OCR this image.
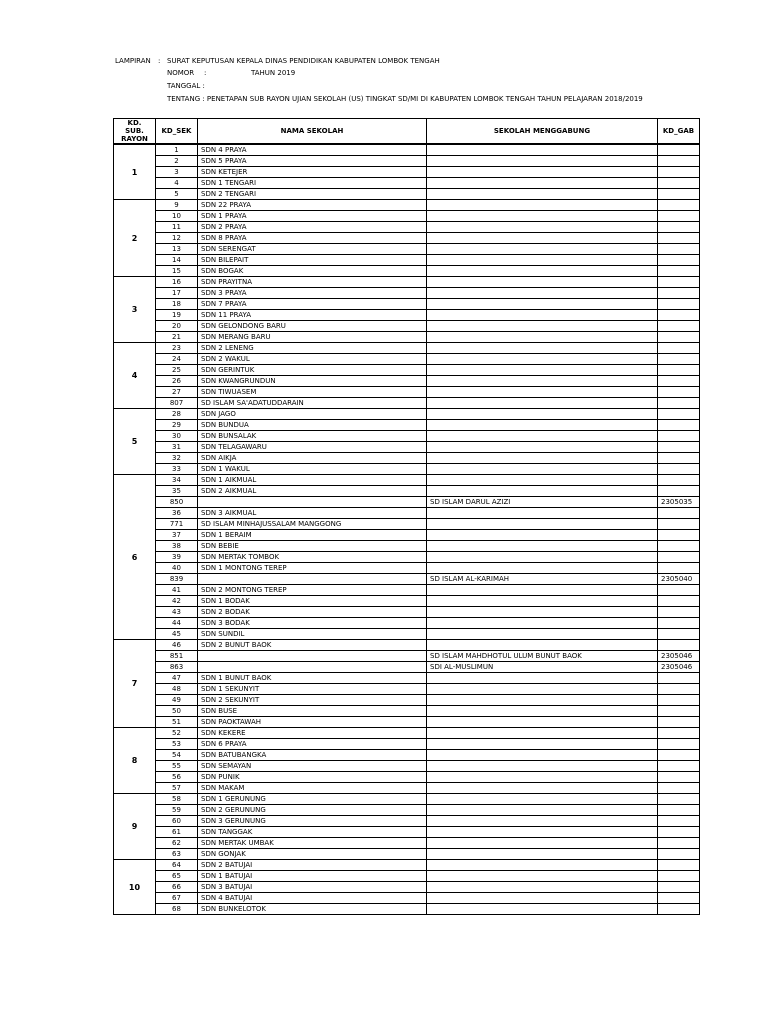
LAMPIRAN

:

SURAT KEPUTUSAN KEPALA DINAS PENDIDIKAN KABUPATEN LOMBOK TENGAH

NOMOR

:

	TAHUN 2019

TANGGAL :

TENTANG : PENETAPAN SUB RAYON UJIAN SEKOLAH (US) TINGKAT SD/MI DI KABUPATEN LOMBOK TENGAH TAHUN PELAJARAN 2018/2019

KD. SUB. RAYON	KD_SEK	NAMA SEKOLAH	SEKOLAH MENGGABUNG	KD_GAB
1	1	SDN 4 PRAYA		
	2	SDN 5 PRAYA		
	3	SDN KETEJER		
	4	SDN 1 TENGARI		
	5	SDN 2 TENGARI		
2	9	SDN 22 PRAYA		
	10	SDN 1 PRAYA		
	11	SDN 2 PRAYA		
	12	SDN 8 PRAYA		
	13	SDN SERENGAT		
	14	SDN BILEPAIT		
	15	SDN BOGAK		
3	16	SDN PRAYITNA		
	17	SDN 3 PRAYA		
	18	SDN 7 PRAYA		
	19	SDN 11 PRAYA		
	20	SDN GELONDONG BARU		
	21	SDN MERANG BARU		
4	23	SDN 2 LENENG		
	24	SDN 2 WAKUL		
	25	SDN GERINTUK		
	26	SDN KWANGRUNDUN		
	27	SDN TIWUASEM		
	807	SD ISLAM SA'ADATUDDARAIN		
5	28	SDN JAGO		
	29	SDN BUNDUA		
	30	SDN BUNSALAK		
	31	SDN TELAGAWARU		
	32	SDN AIKJA		
	33	SDN 1 WAKUL		
6	34	SDN 1 AIKMUAL		
	35	SDN 2 AIKMUAL		
	850		SD ISLAM DARUL AZIZI	2305035
	36	SDN 3 AIKMUAL		
	771	SD ISLAM MINHAJUSSALAM MANGGONG		
	37	SDN 1 BERAIM		
	38	SDN BEBIE		
	39	SDN MERTAK TOMBOK		
	40	SDN 1 MONTONG TEREP		
	839		SD ISLAM AL-KARIMAH	2305040
	41	SDN 2 MONTONG TEREP		
	42	SDN 1 BODAK		
	43	SDN 2 BODAK		
	44	SDN 3 BODAK		
	45	SDN SUNDIL		
7	46	SDN 2 BUNUT BAOK		
	851		SD ISLAM MAHDHOTUL ULUM BUNUT BAOK	2305046
	863		SDI AL-MUSLIMUN	2305046
	47	SDN 1 BUNUT BAOK		
	48	SDN 1 SEKUNYIT		
	49	SDN 2 SEKUNYIT		
	50	SDN BUSE		
	51	SDN PAOKTAWAH		
8	52	SDN KEKERE		
	53	SDN 6 PRAYA		
	54	SDN BATUBANGKA		
	55	SDN SEMAYAN		
	56	SDN PUNIK		
	57	SDN MAKAM		
9	58	SDN 1 GERUNUNG		
	59	SDN 2 GERUNUNG		
	60	SDN 3 GERUNUNG		
	61	SDN TANGGAK		
	62	SDN MERTAK UMBAK		
	63	SDN GONJAK		
10	64	SDN 2 BATUJAI		
	65	SDN 1 BATUJAI		
	66	SDN 3 BATUJAI		
	67	SDN 4 BATUJAI		
	68	SDN BUNKELOTOK		
